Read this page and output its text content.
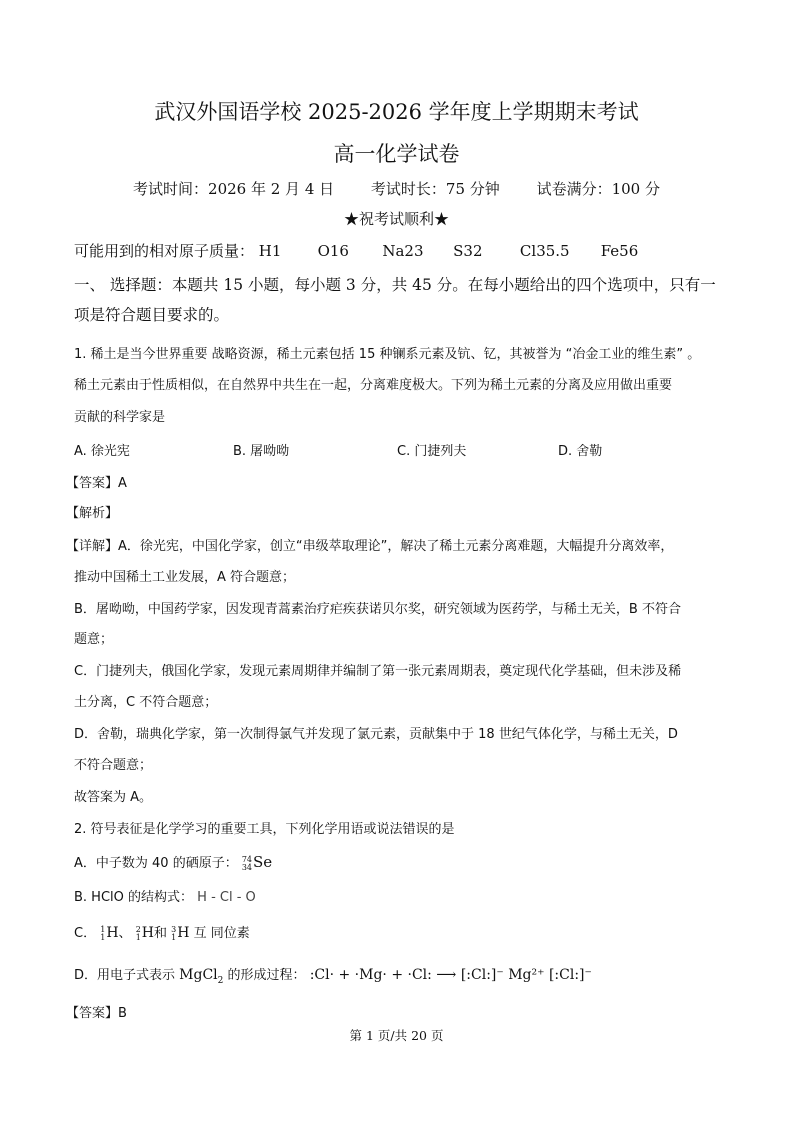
武汉外国语学校 2025-2026 学年度上学期期末考试
高一化学试卷
考试时间：2026 年 2 月 4 日 考试时长：75 分钟 试卷满分：100 分
★祝考试顺利★
可能用到的相对原子质量： H1 O16 Na23 S32 Cl35.5 Fe56
一、 选择题：本题共 15 小题，每小题 3 分，共 45 分。在每小题给出的四个选项中，只有一项是符合题目要求的。
1. 稀土是当今世界重要 战略资源，稀土元素包括 15 种镧系元素及钪、钇，其被誉为 “冶金工业的维生素” 。
稀土元素由于性质相似，在自然界中共生在一起，分离难度极大。下列为稀土元素的分离及应用做出重要
贡献的科学家是
A. 徐光宪	B. 屠呦呦	C. 门捷列夫	D. 舍勒
【答案】A
【解析】
【详解】A．徐光宪，中国化学家，创立“串级萃取理论”，解决了稀土元素分离难题，大幅提升分离效率，
推动中国稀土工业发展，A 符合题意；
B．屠呦呦，中国药学家，因发现青蒿素治疗疟疾获诺贝尔奖，研究领域为医药学，与稀土无关，B 不符合
题意；
C．门捷列夫，俄国化学家，发现元素周期律并编制了第一张元素周期表，奠定现代化学基础，但未涉及稀
土分离，C 不符合题意；
D．舍勒，瑞典化学家，第一次制得氯气并发现了氯元素，贡献集中于 18 世纪气体化学，与稀土无关，D
不符合题意；
故答案为 A。
2. 符号表征是化学学习的重要工具，下列化学用语或说法错误的是
A．中子数为 40 的硒原子： 74
34 Se
B. HClO 的结构式： H - Cl - O
C． 1
1 H、 2
1 H和 3
1 H 互 同位素
D．用电子式表示 MgCl$_2$ 的形成过程： :Cl· + ·Mg· + ·Cl: ⟶ [:Cl:]⁻ Mg²⁺ [:Cl:]⁻
【答案】B
第 1 页/共 20 页
